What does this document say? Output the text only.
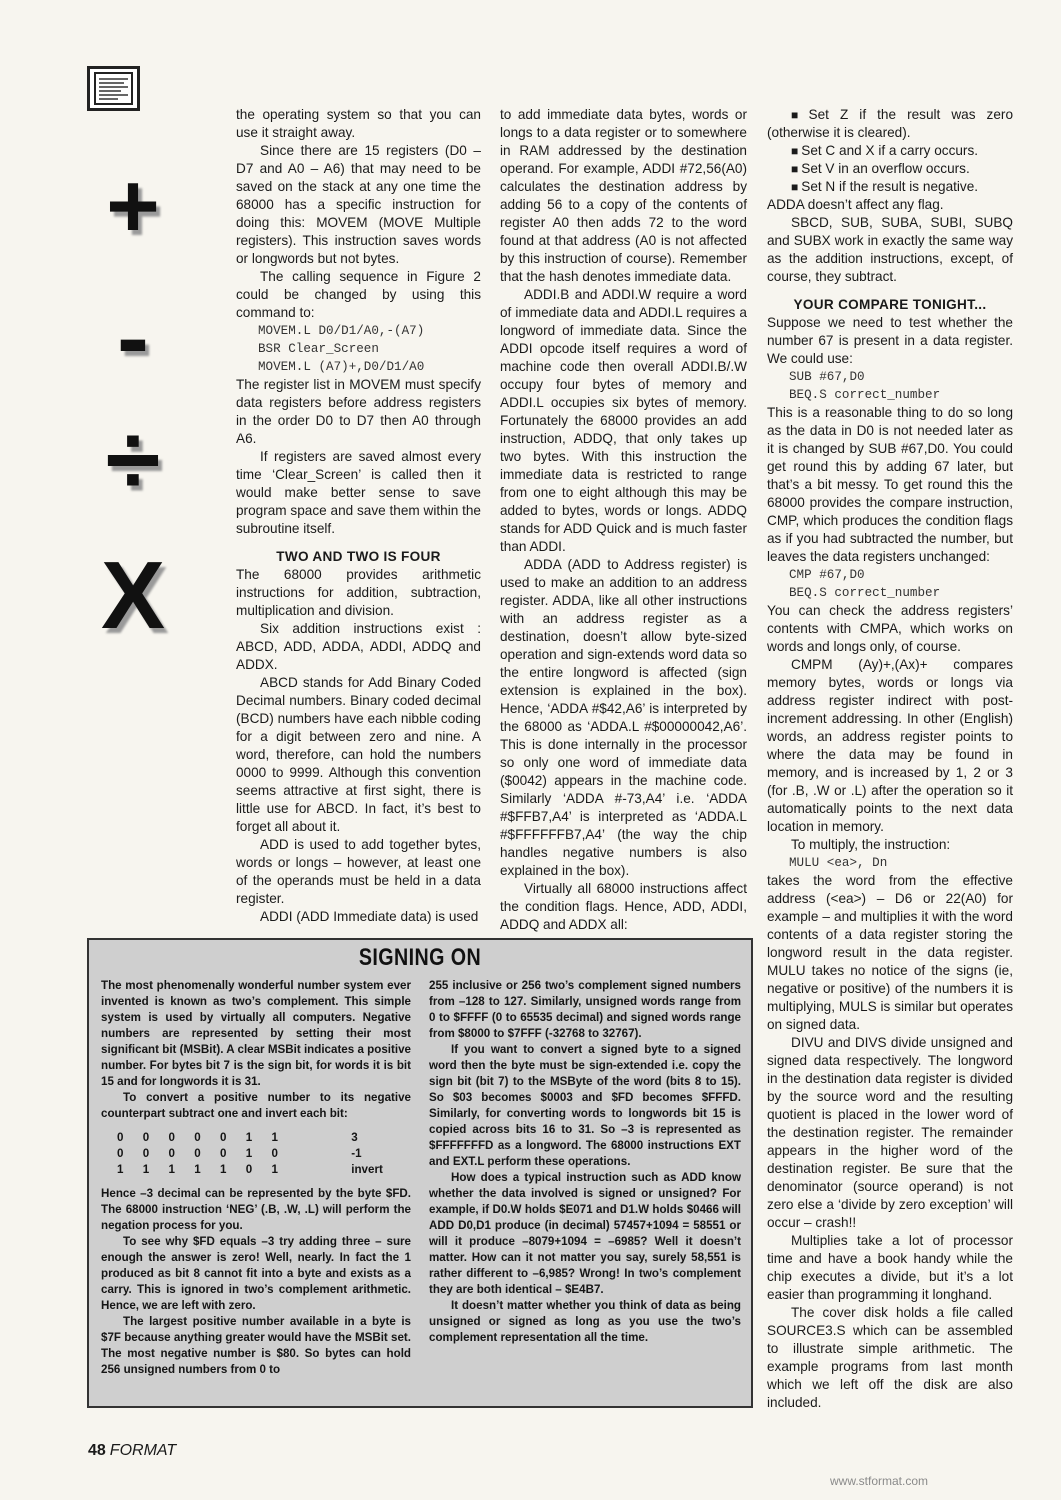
+
-
÷
X

the operating system so that you can use it straight away.

Since there are 15 registers (D0 – D7 and A0 – A6) that may need to be saved on the stack at any one time the 68000 has a specific instruction for doing this: MOVEM (MOVE Multiple registers). This instruction saves words or longwords but not bytes.

The calling sequence in Figure 2 could be changed by using this command to:

MOVEM.L D0/D1/A0,-(A7)
BSR Clear_Screen
MOVEM.L (A7)+,D0/D1/A0

The register list in MOVEM must specify data registers before address registers in the order D0 to D7 then A0 through A6.

If registers are saved almost every time ‘Clear_Screen’ is called then it would make better sense to save program space and save them within the subroutine itself.

TWO AND TWO IS FOUR

The 68000 provides arithmetic instructions for addition, subtraction, multiplication and division.

Six addition instructions exist : ABCD, ADD, ADDA, ADDI, ADDQ and ADDX.

ABCD stands for Add Binary Coded Decimal numbers. Binary coded decimal (BCD) numbers have each nibble coding for a digit between zero and nine. A word, therefore, can hold the numbers 0000 to 9999. Although this convention seems attractive at first sight, there is little use for ABCD. In fact, it’s best to forget all about it.

ADD is used to add together bytes, words or longs – however, at least one of the operands must be held in a data register.

ADDI (ADD Immediate data) is used

to add immediate data bytes, words or longs to a data register or to somewhere in RAM addressed by the destination operand. For example, ADDI #72,56(A0) calculates the destination address by adding 56 to a copy of the contents of register A0 then adds 72 to the word found at that address (A0 is not affected by this instruction of course). Remember that the hash denotes immediate data.

ADDI.B and ADDI.W require a word of immediate data and ADDI.L requires a longword of immediate data. Since the ADDI opcode itself requires a word of machine code then overall ADDI.B/.W occupy four bytes of memory and ADDI.L occupies six bytes of memory. Fortunately the 68000 provides an add instruction, ADDQ, that only takes up two bytes. With this instruction the immediate data is restricted to range from one to eight although this may be added to bytes, words or longs. ADDQ stands for ADD Quick and is much faster than ADDI.

ADDA (ADD to Address register) is used to make an addition to an address register. ADDA, like all other instructions with an address register as a destination, doesn’t allow byte-sized operation and sign-extends word data so the entire longword is affected (sign extension is explained in the box). Hence, ‘ADDA #$42,A6’ is interpreted by the 68000 as ‘ADDA.L #$00000042,A6’. This is done internally in the processor so only one word of immediate data ($0042) appears in the machine code. Similarly ‘ADDA #-73,A4’ i.e. ‘ADDA #$FFB7,A4’ is interpreted as ‘ADDA.L #$FFFFFFB7,A4’ (the way the chip handles negative numbers is also explained in the box).

Virtually all 68000 instructions affect the condition flags. Hence, ADD, ADDI, ADDQ and ADDX all:

■ Set Z if the result was zero (otherwise it is cleared).

■ Set C and X if a carry occurs.

■ Set V in an overflow occurs.

■ Set N if the result is negative.

ADDA doesn’t affect any flag.

SBCD, SUB, SUBA, SUBI, SUBQ and SUBX work in exactly the same way as the addition instructions, except, of course, they subtract.

YOUR COMPARE TONIGHT...

Suppose we need to test whether the number 67 is present in a data register. We could use:

SUB #67,D0
BEQ.S correct_number

This is a reasonable thing to do so long as the data in D0 is not needed later as it is changed by SUB #67,D0. You could get round this by adding 67 later, but that’s a bit messy. To get round this the 68000 provides the compare instruction, CMP, which produces the condition flags as if you had subtracted the number, but leaves the data registers unchanged:

CMP #67,D0
BEQ.S correct_number

You can check the address registers’ contents with CMPA, which works on words and longs only, of course.

CMPM (Ay)+,(Ax)+ compares memory bytes, words or longs via address register indirect with post-increment addressing. In other (English) words, an address register points to where the data may be found in memory, and is increased by 1, 2 or 3 (for .B, .W or .L) after the operation so it automatically points to the next data location in memory.

To multiply, the instruction:

MULU <ea>, Dn

takes the word from the effective address (<ea>) – D6 or 22(A0) for example – and multiplies it with the word contents of a data register storing the longword result in the data register. MULU takes no notice of the signs (ie, negative or positive) of the numbers it is multiplying, MULS is similar but operates on signed data.

DIVU and DIVS divide unsigned and signed data respectively. The longword in the destination data register is divided by the source word and the resulting quotient is placed in the lower word of the destination register. The remainder appears in the higher word of the destination register. Be sure that the denominator (source operand) is not zero else a ‘divide by zero exception’ will occur – crash!!

Multiplies take a lot of processor time and have a book handy while the chip executes a divide, but it’s a lot easier than programming it longhand.

The cover disk holds a file called SOURCE3.S which can be assembled to illustrate simple arithmetic. The example programs from last month which we left off the disk are also included.

SIGNING ON

The most phenomenally wonderful number system ever invented is known as two’s complement. This simple system is used by virtually all computers. Negative numbers are represented by setting their most significant bit (MSBit). A clear MSBit indicates a positive number. For bytes bit 7 is the sign bit, for words it is bit 15 and for longwords it is 31.

To convert a positive number to its negative counterpart subtract one and invert each bit:

0	0	0	0	0	1	1	3
0	0	0	0	0	1	0	-1
1	1	1	1	1	0	1	invert

Hence –3 decimal can be represented by the byte $FD. The 68000 instruction ‘NEG’ (.B, .W, .L) will perform the negation process for you.

To see why $FD equals –3 try adding three – sure enough the answer is zero! Well, nearly. In fact the 1 produced as bit 8 cannot fit into a byte and exists as a carry. This is ignored in two’s complement arithmetic. Hence, we are left with zero.

The largest positive number available in a byte is $7F because anything greater would have the MSBit set. The most negative number is $80. So bytes can hold 256 unsigned numbers from 0 to

255 inclusive or 256 two’s complement signed numbers from –128 to 127. Similarly, unsigned words range from 0 to $FFFF (0 to 65535 decimal) and signed words range from $8000 to $7FFF (-32768 to 32767).

If you want to convert a signed byte to a signed word then the byte must be sign-extended i.e. copy the sign bit (bit 7) to the MSByte of the word (bits 8 to 15). So $03 becomes $0003 and $FD becomes $FFFD. Similarly, for converting words to longwords bit 15 is copied across bits 16 to 31. So –3 is represented as $FFFFFFFD as a longword. The 68000 instructions EXT and EXT.L perform these operations.

How does a typical instruction such as ADD know whether the data involved is signed or unsigned? For example, if D0.W holds $E071 and D1.W holds $0466 will ADD D0,D1 produce (in decimal) 57457+1094 = 58551 or will it produce –8079+1094 = –6985? Well it doesn’t matter. How can it not matter you say, surely 58,551 is rather different to –6,985? Wrong! In two’s complement they are both identical – $E4B7.

It doesn’t matter whether you think of data as being unsigned or signed as long as you use the two’s complement representation all the time.

48 FORMAT
www.stformat.com
